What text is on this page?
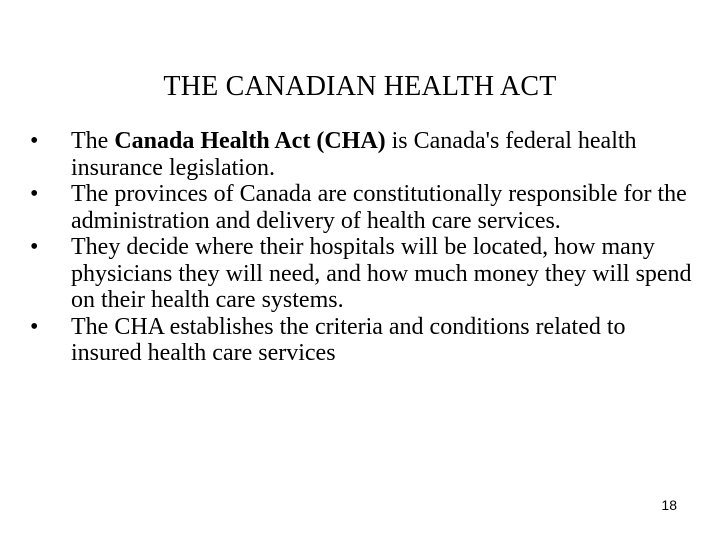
THE CANADIAN HEALTH ACT
•	The Canada Health Act (CHA) is Canada's federal health insurance legislation.
•	The provinces of Canada are constitutionally responsible for the administration and delivery of health care services.
•	They decide where their hospitals will be located, how many physicians they will need, and how much money they will spend on their health care systems.
•	The CHA establishes the criteria and conditions related to insured health care services
18
